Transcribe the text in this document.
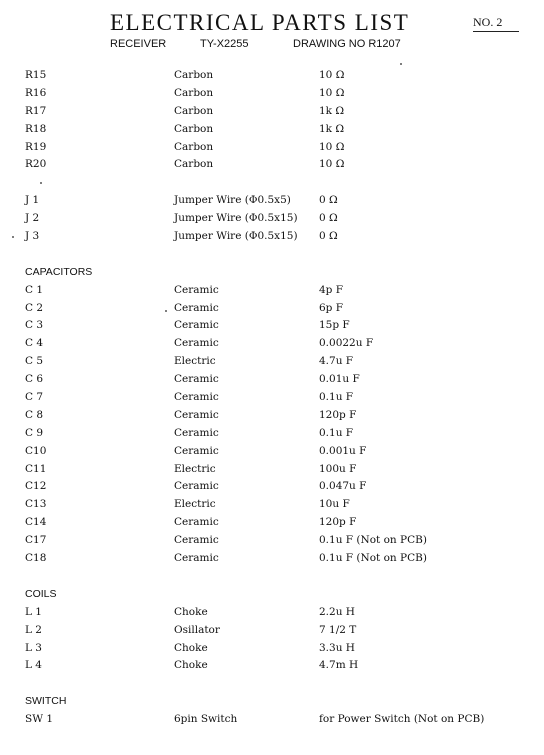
ELECTRICAL PARTS LIST	NO. 2
RECEIVER	TY-X2255	DRAWING NO R1207
R15	Carbon	10 Ω
R16	Carbon	10 Ω
R17	Carbon	1k Ω
R18	Carbon	1k Ω
R19	Carbon	10 Ω
R20	Carbon	10 Ω
J 1	Jumper Wire (Φ0.5x5)	0 Ω
J 2	Jumper Wire (Φ0.5x15) 0 Ω
J 3	Jumper Wire (Φ0.5x15) 0 Ω
CAPACITORS
C 1	Ceramic	4p F
C 2	Ceramic	6p F
C 3	Ceramic	15p F
C 4	Ceramic	0.0022u F
C 5	Electric	4.7u F
C 6	Ceramic	0.01u F
C 7	Ceramic	0.1u F
C 8	Ceramic	120p F
C 9	Ceramic	0.1u F
C10	Ceramic	0.001u F
C11	Electric	100u F
C12	Ceramic	0.047u F
C13	Electric	10u F
C14	Ceramic	120p F
C17	Ceramic	0.1u F (Not on PCB)
C18	Ceramic	0.1u F (Not on PCB)
COILS
L 1	Choke	2.2u H
L 2	Osillator	7 1/2 T
L 3	Choke	3.3u H
L 4	Choke	4.7m H
SWITCH
SW 1	6pin Switch	for Power Switch (Not on PCB)
